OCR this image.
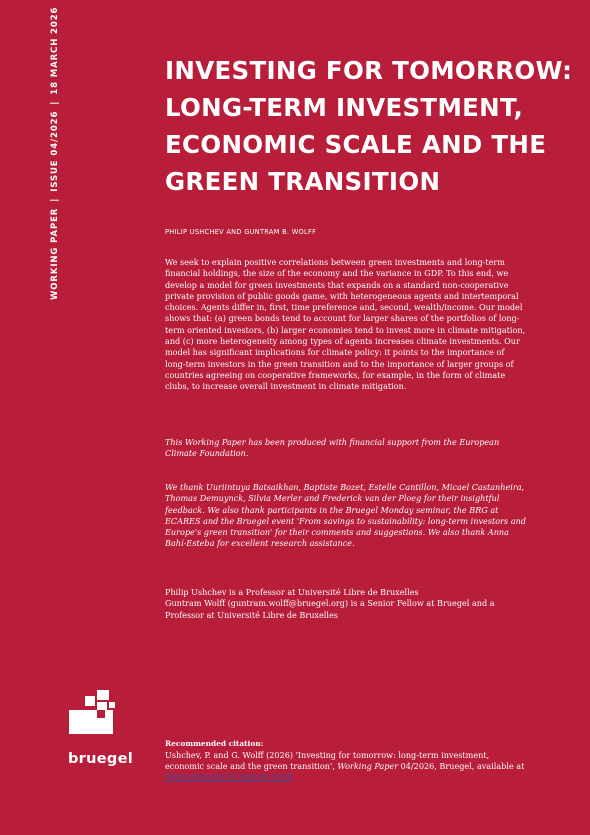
WORKING PAPER|ISSUE 04/2026|18 MARCH 2026	INVESTING FOR TOMORROW:
LONG-TERM INVESTMENT,
ECONOMIC SCALE AND THE
GREEN TRANSITION
PHILIP USHCHEV AND GUNTRAM B. WOLFF

We seek to explain positive correlations between green investments and long-term
financial holdings, the size of the economy and the variance in GDP. To this end, we
develop a model for green investments that expands on a standard non-cooperative
private provision of public goods game, with heterogeneous agents and intertemporal
choices. Agents differ in, first, time preference and, second, wealth/income. Our model
shows that: (a) green bonds tend to account for larger shares of the portfolios of long-
term oriented investors, (b) larger economies tend to invest more in climate mitigation,
and (c) more heterogeneity among types of agents increases climate investments. Our
model has significant implications for climate policy: it points to the importance of
long-term investors in the green transition and to the importance of larger groups of
countries agreeing on cooperative frameworks, for example, in the form of climate
clubs, to increase overall investment in climate mitigation.

This Working Paper has been produced with financial support from the European
Climate Foundation.

We thank Uuriintuya Batsaikhan, Baptiste Bozet, Estelle Cantillon, Micael Castanheira,
Thomas Demuynck, Silvia Merler and Frederick van der Ploeg for their insightful
feedback. We also thank participants in the Bruegel Monday seminar, the BRG at
ECARES and the Bruegel event 'From savings to sustainability: long-term investors and
Europe's green transition' for their comments and suggestions. We also thank Anna
Bahí-Esteba for excellent research assistance.

Philip Ushchev is a Professor at Université Libre de Bruxelles
Guntram Wolff (guntram.wolff@bruegel.org) is a Senior Fellow at Bruegel and a
Professor at Université Libre de Bruxelles
Recommended citation:
Ushchev, P. and G. Wolff (2026) 'Investing for tomorrow: long-term investment,
economic scale and the green transition', Working Paper 04/2026, Bruegel, available at
https://doi.org/10.xxxx/xx.2026
bruegel
